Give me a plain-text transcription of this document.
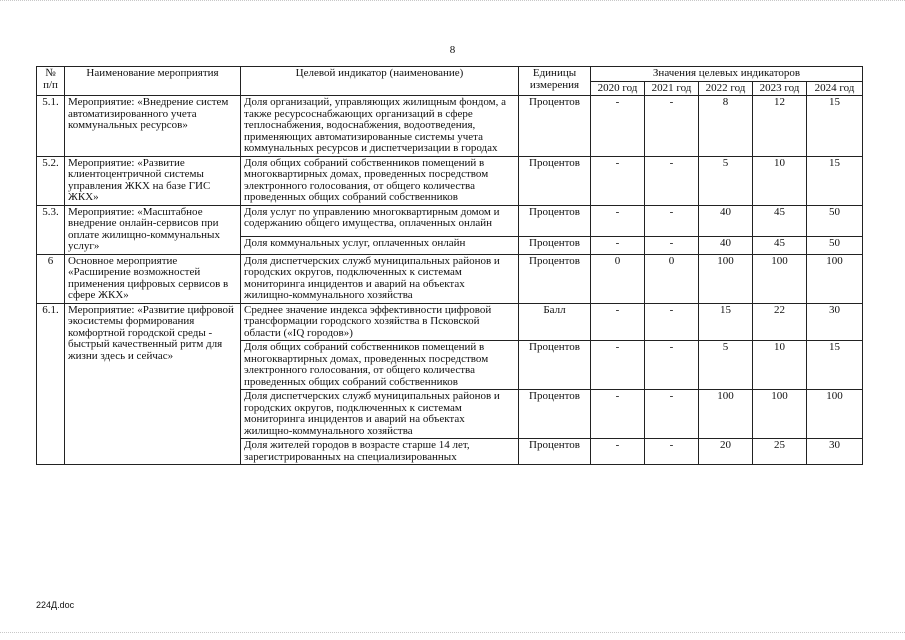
8
№ п/п	Наименование мероприятия	Целевой индикатор (наименование)	Единицы измерения	Значения целевых индикаторов				
				2020 год	2021 год	2022 год	2023 год	2024 год
5.1.	Мероприятие: «Внедрение систем автоматизированного учета коммунальных ресурсов»	Доля организаций, управляющих жилищным фондом, а также ресурсоснабжающих организаций в сфере теплоснабжения, водоснабжения, водоотведения, применяющих автоматизированные системы учета коммунальных ресурсов и диспетчеризации в городах	Процентов	-	-	8	12	15
5.2.	Мероприятие: «Развитие клиентоцентричной системы управления ЖКХ на базе ГИС ЖКХ»	Доля общих собраний собственников помещений в многоквартирных домах, проведенных посредством электронного голосования, от общего количества проведенных общих собраний собственников	Процентов	-	-	5	10	15
5.3.	Мероприятие: «Масштабное внедрение онлайн-сервисов при оплате жилищно-коммунальных услуг»	Доля услуг по управлению многоквартирным домом и содержанию общего имущества, оплаченных онлайн	Процентов	-	-	40	45	50
		Доля коммунальных услуг, оплаченных онлайн	Процентов	-	-	40	45	50
6	Основное мероприятие «Расширение возможностей применения цифровых сервисов в сфере ЖКХ»	Доля диспетчерских служб муниципальных районов и городских округов, подключенных к системам мониторинга инцидентов и аварий на объектах жилищно-коммунального хозяйства	Процентов	0	0	100	100	100
6.1.	Мероприятие: «Развитие цифровой экосистемы формирования комфортной городской среды - быстрый качественный ритм для жизни здесь и сейчас»	Среднее значение индекса эффективности цифровой трансформации городского хозяйства в Псковской области («IQ городов»)	Балл	-	-	15	22	30
		Доля общих собраний собственников помещений в многоквартирных домах, проведенных посредством электронного голосования, от общего количества проведенных общих собраний собственников	Процентов	-	-	5	10	15
		Доля диспетчерских служб муниципальных районов и городских округов, подключенных к системам мониторинга инцидентов и аварий на объектах жилищно-коммунального хозяйства	Процентов	-	-	100	100	100
		Доля жителей городов в возрасте старше 14 лет, зарегистрированных на специализированных	Процентов	-	-	20	25	30
224Д.doc
